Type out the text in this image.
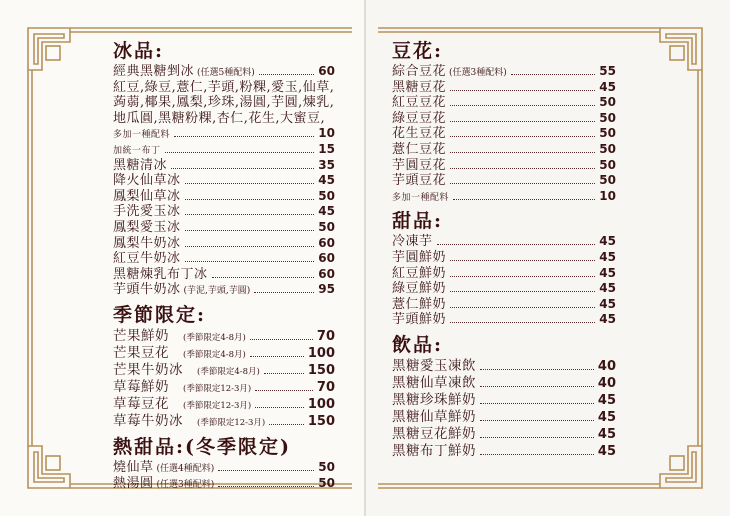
冰品:
經典黑糖剉冰 (任選5種配料)	60
紅豆,綠豆,薏仁,芋頭,粉粿,愛玉,仙草,
蒟蒻,椰果,鳳梨,珍珠,湯圓,芋圓,煉乳,
地瓜圓,黑糖粉粿,杏仁,花生,大蜜豆,
多加一種配料	10
加統一布丁	15
黑糖清冰	35
降火仙草冰	45
鳳梨仙草冰	50
手洗愛玉冰	45
鳳梨愛玉冰	50
鳳梨牛奶冰	60
紅豆牛奶冰	60
黑糖煉乳布丁冰	60
芋頭牛奶冰 (芋泥,芋頭,芋圓)	95
季節限定:
芒果鮮奶 (季節限定4-8月)	70
芒果豆花 (季節限定4-8月)	100
芒果牛奶冰 (季節限定4-8月)	150
草莓鮮奶 (季節限定12-3月)	70
草莓豆花 (季節限定12-3月)	100
草莓牛奶冰 (季節限定12-3月)	150
熱甜品:(冬季限定)
燒仙草 (任選4種配料)	50
熱湯圓 (任選3種配料)	50
豆花:
綜合豆花 (任選3種配料)	55
黑糖豆花	45
紅豆豆花	50
綠豆豆花	50
花生豆花	50
薏仁豆花	50
芋圓豆花	50
芋頭豆花	50
多加一種配料	10
甜品:
冷凍芋	45
芋圓鮮奶	45
紅豆鮮奶	45
綠豆鮮奶	45
薏仁鮮奶	45
芋頭鮮奶	45
飲品:
黑糖愛玉凍飲	40
黑糖仙草凍飲	40
黑糖珍珠鮮奶	45
黑糖仙草鮮奶	45
黑糖豆花鮮奶	45
黑糖布丁鮮奶	45
